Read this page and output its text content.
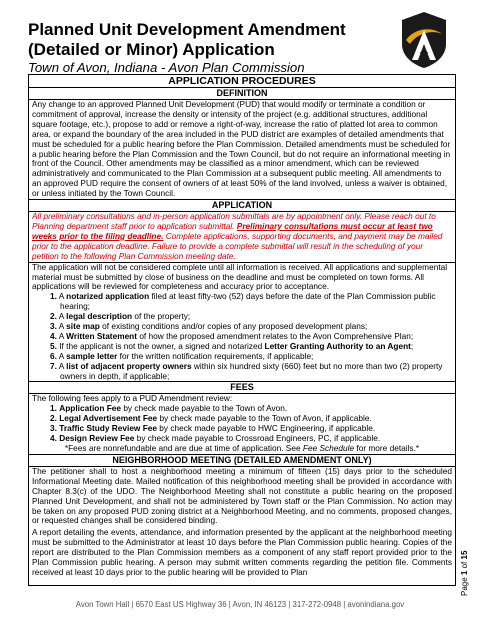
Planned Unit Development Amendment (Detailed or Minor) Application
Town of Avon, Indiana - Avon Plan Commission
APPLICATION PROCEDURES
DEFINITION
Any change to an approved Planned Unit Development (PUD) that would modify or terminate a condition or commitment of approval, increase the density or intensity of the project (e.g. additional structures, additional square footage, etc.), propose to add or remove a right-of-way, increase the ratio of platted lot area to common area, or expand the boundary of the area included in the PUD district are examples of detailed amendments that must be scheduled for a public hearing before the Plan Commission. Detailed amendments must be scheduled for a public hearing before the Plan Commission and the Town Council, but do not require an informational meeting in front of the Council. Other amendments may be classified as a minor amendment, which can be reviewed administratively and communicated to the Plan Commission at a subsequent public meeting. All amendments to an approved PUD require the consent of owners of at least 50% of the land involved, unless a waiver is obtained, or unless initiated by the Town Council.
APPLICATION
All preliminary consultations and in-person application submittals are by appointment only. Please reach out to Planning department staff prior to application submittal. Preliminary consultations must occur at least two weeks prior to the filing deadline. Complete applications, supporting documents, and payment may be mailed prior to the application deadline. Failure to provide a complete submittal will result in the scheduling of your petition to the following Plan Commission meeting date.
The application will not be considered complete until all information is received. All applications and supplemental material must be submitted by close of business on the deadline and must be completed on town forms. All applications will be reviewed for completeness and accuracy prior to acceptance.
1. A notarized application filed at least fifty-two (52) days before the date of the Plan Commission public hearing;
2. A legal description of the property;
3. A site map of existing conditions and/or copies of any proposed development plans;
4. A Written Statement of how the proposed amendment relates to the Avon Comprehensive Plan;
5. If the applicant is not the owner, a signed and notarized Letter Granting Authority to an Agent;
6. A sample letter for the written notification requirements, if applicable;
7. A list of adjacent property owners within six hundred sixty (660) feet but no more than two (2) property owners in depth, if applicable;
FEES
The following fees apply to a PUD Amendment review:
1. Application Fee by check made payable to the Town of Avon.
2. Legal Advertisement Fee by check made payable to the Town of Avon, if applicable.
3. Traffic Study Review Fee by check made payable to HWC Engineering, if applicable.
4. Design Review Fee by check made payable to Crossroad Engineers, PC, if applicable.
*Fees are nonrefundable and are due at time of application. See Fee Schedule for more details.*
NEIGHBORHOOD MEETING (DETAILED AMENDMENT ONLY)

The petitioner shall to host a neighborhood meeting a minimum of fifteen (15) days prior to the scheduled Informational Meeting date. Mailed notification of this neighborhood meeting shall be provided in accordance with Chapter 8.3(c) of the UDO. The Neighborhood Meeting shall not constitute a public hearing on the proposed Planned Unit Development, and shall not be administered by Town staff or the Plan Commission. No action may be taken on any proposed PUD zoning district at a Neighborhood Meeting, and no comments, proposed changes, or requested changes shall be considered binding.

A report detailing the events, attendance, and information presented by the applicant at the neighborhood meeting must be submitted to the Administrator at least 10 days before the Plan Commission public hearing. Copies of the report are distributed to the Plan Commission members as a component of any staff report provided prior to the Plan Commission public hearing. A person may submit written comments regarding the petition file. Comments received at least 10 days prior to the public hearing will be provided to Plan

Page 1 of 15
Avon Town Hall | 6570 East US Highway 36 | Avon, IN 46123 | 317-272-0948 | avonindiana.gov
